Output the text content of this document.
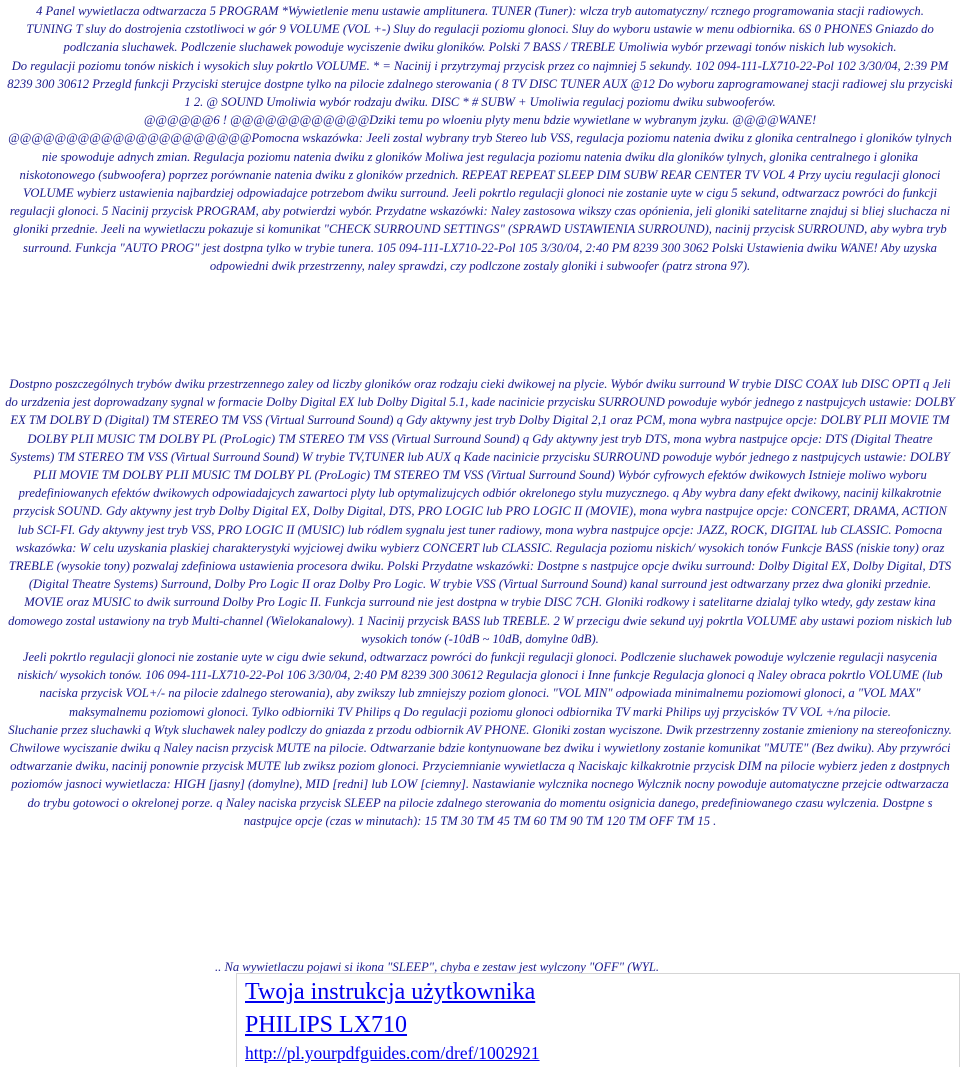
4 Panel wywietlacza odtwarzacza 5 PROGRAM *Wywietlenie menu ustawie amplitunera. TUNER (Tuner): wlcza tryb automatyczny/ rcznego programowania stacji radiowych.
TUNING T sluy do dostrojenia czstotliwoci w gór 9 VOLUME (VOL +-) Sluy do regulacji poziomu glonoci. Sluy do wyboru ustawie w menu odbiornika. 6S 0 PHONES Gniazdo do podlczania sluchawek. Podlczenie sluchawek powoduje wyciszenie dwiku gloników. Polski 7 BASS / TREBLE Umoliwia wybór przewagi tonów niskich lub wysokich.
Do regulacji poziomu tonów niskich i wysokich sluy pokrtlo VOLUME. * = Nacinij i przytrzymaj przycisk przez co najmniej 5 sekundy. 102 094-111-LX710-22-Pol 102 3/30/04, 2:39 PM 8239 300 30612 Przegld funkcji Przyciski sterujce dostpne tylko na pilocie zdalnego sterowania ( 8 TV DISC TUNER AUX @12 Do wyboru zaprogramowanej stacji radiowej slu przyciski 1 2. @ SOUND Umoliwia wybór rodzaju dwiku. DISC * # SUBW + Umoliwia regulacj poziomu dwiku subwooferów.
@@@@@@6 ! @@@@@@@@@@@@Dziki temu po wloeniu plyty menu bdzie wywietlane w wybranym jzyku. @@@@WANE! @@@@@@@@@@@@@@@@@@@@@Pomocna wskazówka: Jeeli zostal wybrany tryb Stereo lub VSS, regulacja poziomu natenia dwiku z glonika centralnego i gloników tylnych nie spowoduje adnych zmian. Regulacja poziomu natenia dwiku z gloników Moliwa jest regulacja poziomu natenia dwiku dla gloników tylnych, glonika centralnego i glonika niskotonowego (subwoofera) poprzez porównanie natenia dwiku z gloników przednich. REPEAT REPEAT SLEEP DIM SUBW REAR CENTER TV VOL 4 Przy uyciu regulacji glonoci VOLUME wybierz ustawienia najbardziej odpowiadajce potrzebom dwiku surround. Jeeli pokrtlo regulacji glonoci nie zostanie uyte w cigu 5 sekund, odtwarzacz powróci do funkcji regulacji glonoci. 5 Nacinij przycisk PROGRAM, aby potwierdzi wybór. Przydatne wskazówki: Naley zastosowa wikszy czas opónienia, jeli gloniki satelitarne znajduj si bliej sluchacza ni gloniki przednie. Jeeli na wywietlaczu pokazuje si komunikat "CHECK SURROUND SETTINGS" (SPRAWD USTAWIENIA SURROUND), nacinij przycisk SURROUND, aby wybra tryb surround. Funkcja "AUTO PROG" jest dostpna tylko w trybie tunera. 105 094-111-LX710-22-Pol 105 3/30/04, 2:40 PM 8239 300 3062 Polski Ustawienia dwiku WANE! Aby uzyska odpowiedni dwik przestrzenny, naley sprawdzi, czy podlczone zostaly gloniki i subwoofer (patrz strona 97).
Dostpno poszczególnych trybów dwiku przestrzennego zaley od liczby gloników oraz rodzaju cieki dwikowej na plycie. Wybór dwiku surround W trybie DISC COAX lub DISC OPTI q Jeli do urzdzenia jest doprowadzany sygnal w formacie Dolby Digital EX lub Dolby Digital 5.1, kade nacinicie przycisku SURROUND powoduje wybór jednego z nastpujcych ustawie: DOLBY EX TM DOLBY D (Digital) TM STEREO TM VSS (Virtual Surround Sound) q Gdy aktywny jest tryb Dolby Digital 2,1 oraz PCM, mona wybra nastpujce opcje: DOLBY PLII MOVIE TM DOLBY PLII MUSIC TM DOLBY PL (ProLogic) TM STEREO TM VSS (Virtual Surround Sound) q Gdy aktywny jest tryb DTS, mona wybra nastpujce opcje: DTS (Digital Theatre Systems) TM STEREO TM VSS (Virtual Surround Sound) W trybie TV,TUNER lub AUX q Kade nacinicie przycisku SURROUND powoduje wybór jednego z nastpujcych ustawie: DOLBY PLII MOVIE TM DOLBY PLII MUSIC TM DOLBY PL (ProLogic) TM STEREO TM VSS (Virtual Surround Sound) Wybór cyfrowych efektów dwikowych Istnieje moliwo wyboru predefiniowanych efektów dwikowych odpowiadajcych zawartoci plyty lub optymalizujcych odbiór okrelonego stylu muzycznego. q Aby wybra dany efekt dwikowy, nacinij kilkakrotnie przycisk SOUND. Gdy aktywny jest tryb Dolby Digital EX, Dolby Digital, DTS, PRO LOGIC lub PRO LOGIC II (MOVIE), mona wybra nastpujce opcje: CONCERT, DRAMA, ACTION lub SCI-FI. Gdy aktywny jest tryb VSS, PRO LOGIC II (MUSIC) lub ródlem sygnalu jest tuner radiowy, mona wybra nastpujce opcje: JAZZ, ROCK, DIGITAL lub CLASSIC. Pomocna wskazówka: W celu uzyskania plaskiej charakterystyki wyjciowej dwiku wybierz CONCERT lub CLASSIC. Regulacja poziomu niskich/ wysokich tonów Funkcje BASS (niskie tony) oraz TREBLE (wysokie tony) pozwalaj zdefiniowa ustawienia procesora dwiku. Polski Przydatne wskazówki: Dostpne s nastpujce opcje dwiku surround: Dolby Digital EX, Dolby Digital, DTS (Digital Theatre Systems) Surround, Dolby Pro Logic II oraz Dolby Pro Logic. W trybie VSS (Virtual Surround Sound) kanal surround jest odtwarzany przez dwa gloniki przednie.
MOVIE oraz MUSIC to dwik surround Dolby Pro Logic II. Funkcja surround nie jest dostpna w trybie DISC 7CH. Gloniki rodkowy i satelitarne dzialaj tylko wtedy, gdy zestaw kina domowego zostal ustawiony na tryb Multi-channel (Wielokanalowy). 1 Nacinij przycisk BASS lub TREBLE. 2 W przecigu dwie sekund uyj pokrtla VOLUME aby ustawi poziom niskich lub wysokich tonów (-10dB ~ 10dB, domylne 0dB).
Jeeli pokrtlo regulacji glonoci nie zostanie uyte w cigu dwie sekund, odtwarzacz powróci do funkcji regulacji glonoci. Podlczenie sluchawek powoduje wylczenie regulacji nasycenia niskich/ wysokich tonów. 106 094-111-LX710-22-Pol 106 3/30/04, 2:40 PM 8239 300 30612 Regulacja glonoci i Inne funkcje Regulacja glonoci q Naley obraca pokrtlo VOLUME (lub naciska przycisk VOL+/- na pilocie zdalnego sterowania), aby zwikszy lub zmniejszy poziom glonoci. "VOL MIN" odpowiada minimalnemu poziomowi glonoci, a "VOL MAX" maksymalnemu poziomowi glonoci. Tylko odbiorniki TV Philips q Do regulacji poziomu glonoci odbiornika TV marki Philips uyj przycisków TV VOL +/na pilocie.
Sluchanie przez sluchawki q Wtyk sluchawek naley podlczy do gniazda z przodu odbiornik AV PHONE. Gloniki zostan wyciszone. Dwik przestrzenny zostanie zmieniony na stereofoniczny. Chwilowe wyciszanie dwiku q Naley nacisn przycisk MUTE na pilocie. Odtwarzanie bdzie kontynuowane bez dwiku i wywietlony zostanie komunikat "MUTE" (Bez dwiku). Aby przywróci odtwarzanie dwiku, nacinij ponownie przycisk MUTE lub zwiksz poziom glonoci. Przyciemnianie wywietlacza q Naciskajc kilkakrotnie przycisk DIM na pilocie wybierz jeden z dostpnych poziomów jasnoci wywietlacza: HIGH [jasny] (domylne), MID [redni] lub LOW [ciemny]. Nastawianie wylcznika nocnego Wylcznik nocny powoduje automatyczne przejcie odtwarzacza do trybu gotowoci o okrelonej porze. q Naley naciska przycisk SLEEP na pilocie zdalnego sterowania do momentu osignicia danego, predefiniowanego czasu wylczenia. Dostpne s nastpujce opcje (czas w minutach): 15 TM 30 TM 45 TM 60 TM 90 TM 120 TM OFF TM 15 .
.. Na wywietlaczu pojawi si ikona "SLEEP", chyba e zestaw jest wylczony "OFF" (WYL.
Twoja instrukcja użytkownika
PHILIPS LX710
http://pl.yourpdfguides.com/dref/1002921
